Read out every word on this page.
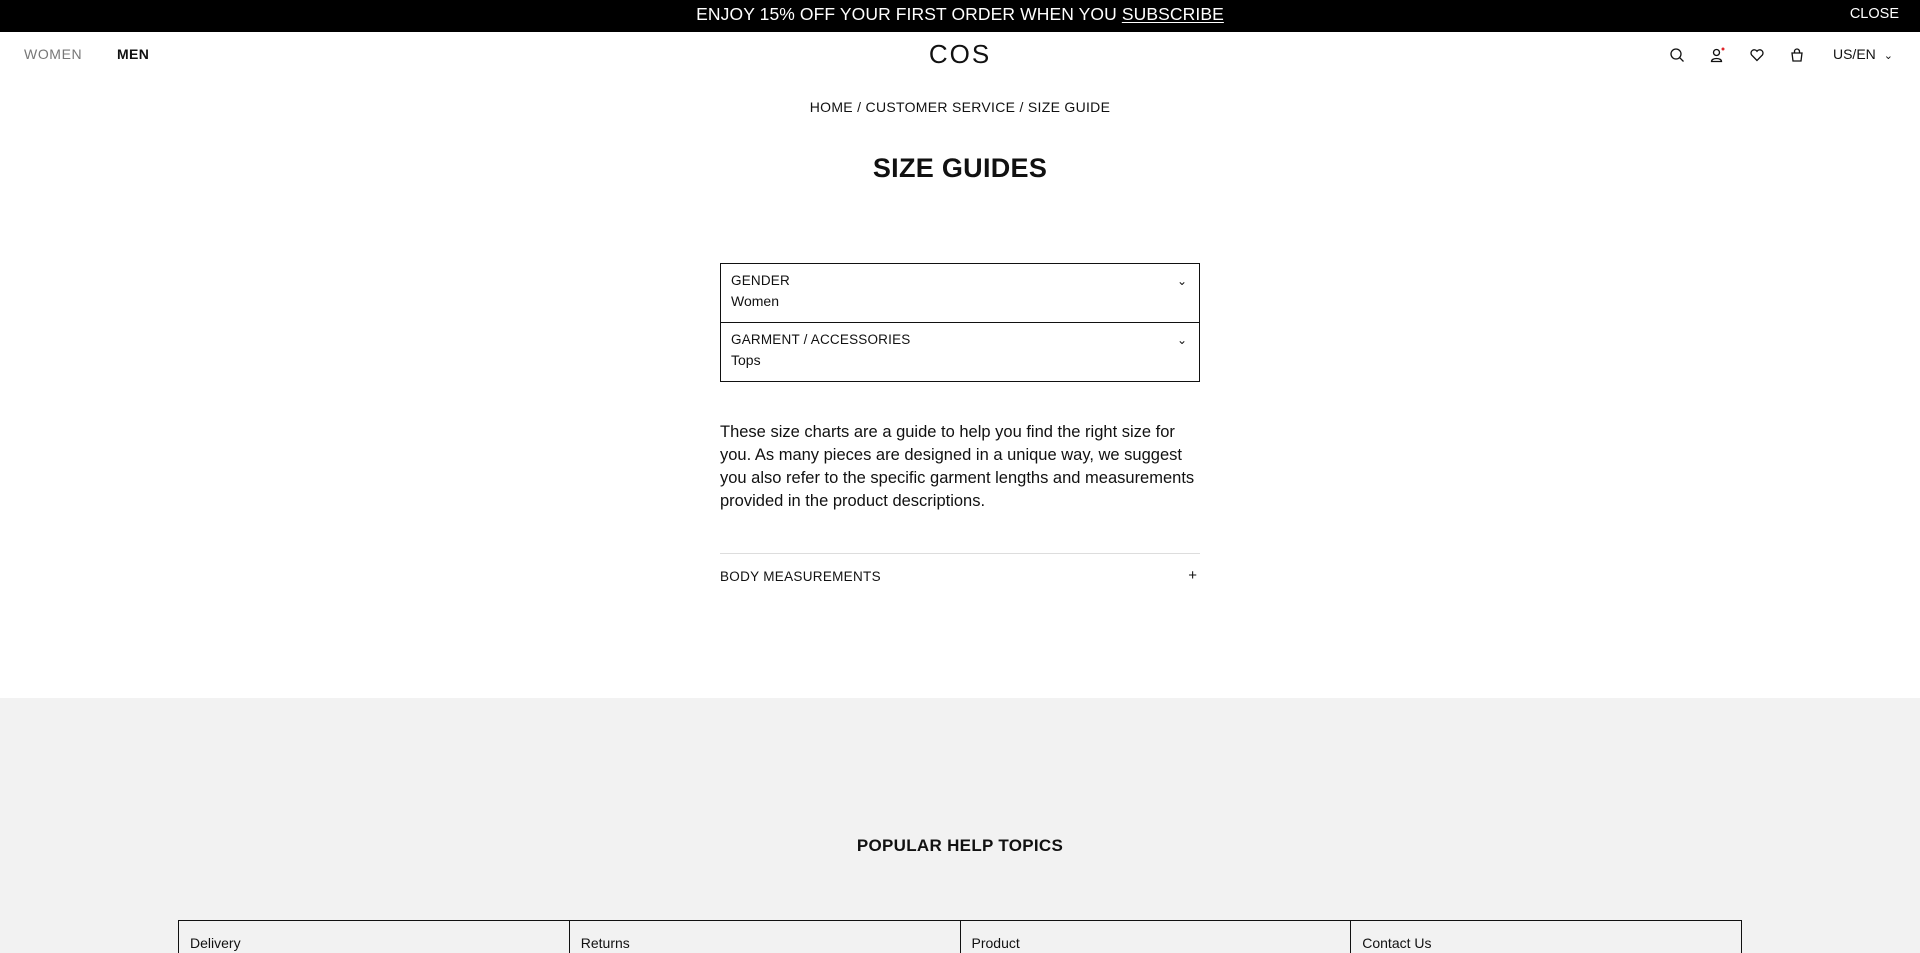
ENJOY 15% OFF YOUR FIRST ORDER WHEN YOU SUBSCRIBE	CLOSE
WOMEN MEN	COS	US/EN ⌄
HOME / CUSTOMER SERVICE / SIZE GUIDE
SIZE GUIDES
GENDER
Women
⌄
GARMENT / ACCESSORIES
Tops
⌄

These size charts are a guide to help you find the right size for you. As many pieces are designed in a unique way, we suggest you also refer to the specific garment lengths and measurements provided in the product descriptions.

BODY MEASUREMENTS	+
POPULAR HELP TOPICS
Delivery	Returns	Product	Contact Us
